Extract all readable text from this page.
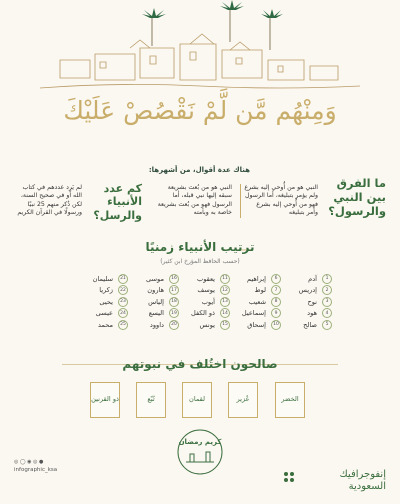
وَمِنْهُم مَّن لَّمْ نَقْصُصْ عَلَيْكَ
ما الفرق بين النبي والرسول؟
هناك عدة أقوال، من أشهرها:
النبي هو من أُوحي إليه بشرع ولم يؤمر بتبليغه، أما الرسول فهو من أُوحي إليه بشرع وأمر بتبليغه
النبي هو من بُعث بشريعة سبقه إليها نبي قبله، أما الرسول فهو من بُعث بشريعة خاصة به وبأمته
كم عدد الأنبياء والرسل؟
لم يَرِد عددهم في كتاب الله أو في صحيح السنة، لكن ذُكر منهم 25 نبيًا ورسولًا في القرآن الكريم
ترتيب الأنبياء زمنيًا
(حسب الحافظ المؤرخ ابن كثير)
1
آدم
2
إدريس
3
نوح
4
هود
5
صالح
6
إبراهيم
7
لوط
8
شعيب
9
إسماعيل
10
إسحاق
11
يعقوب
12
يوسف
13
أيوب
14
ذو الكفل
15
يونس
16
موسى
17
هارون
18
إلياس
19
اليسع
20
داوود
21
سليمان
22
زكريا
23
يحيى
24
عيسى
25
محمد
صالحون اختُلف في نبوتهم
الخضر
عُزير
لقمان
تُبّع
ذو القرنين
كريم رمضان
infographic_ksa
◎ ◯ ◉ ◎ ●
إنفوجرافيك
السعودية
